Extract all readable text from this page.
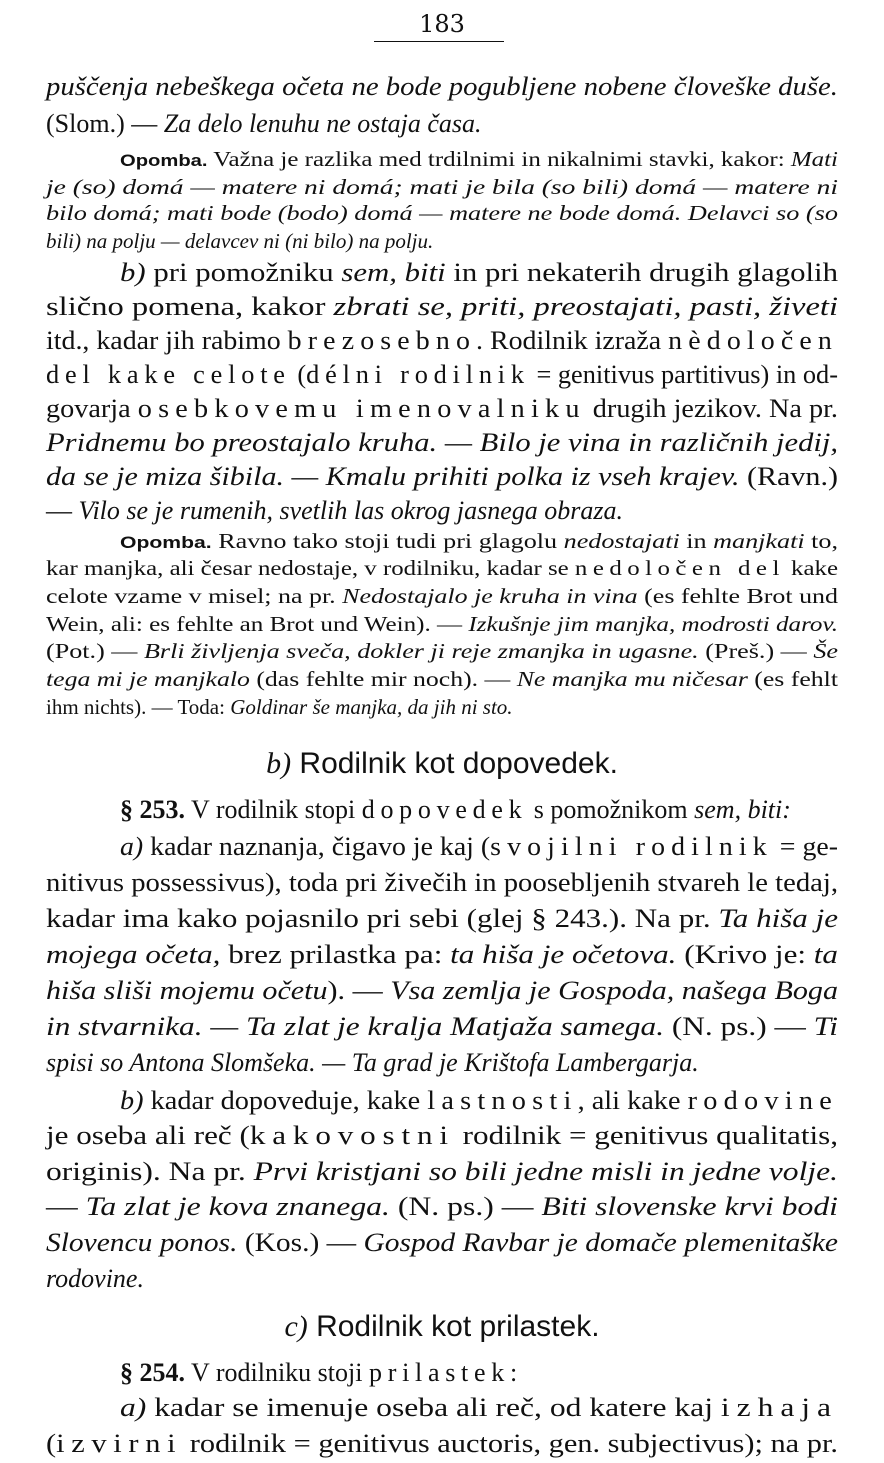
183
puščenja nebeškega očeta ne bode pogubljene nobene človeške duše.
(Slom.) — Za delo lenuhu ne ostaja časa.
Opomba. Važna je razlika med trdilnimi in nikalnimi stavki, kakor: Mati
je (so) domá — matere ni domá; mati je bila (so bili) domá — matere ni
bilo domá; mati bode (bodo) domá — matere ne bode domá. Delavci so (so
bili) na polju — delavcev ni (ni bilo) na polju.
b) pri pomožniku sem, biti in pri nekaterih drugih glagolih
slično pomena, kakor zbrati se, priti, preostajati, pasti, živeti
itd., kadar jih rabimo brezosebno. Rodilnik izraža nèdoločen
del kake celote (délni rodilnik = genitivus partitivus) in od-
govarja osebkovemu imenovalniku drugih jezikov. Na pr.
Pridnemu bo preostajalo kruha. — Bilo je vina in različnih jedij,
da se je miza šibila. — Kmalu prihiti polka iz vseh krajev. (Ravn.)
— Vilo se je rumenih, svetlih las okrog jasnega obraza.
Opomba. Ravno tako stoji tudi pri glagolu nedostajati in manjkati to,
kar manjka, ali česar nedostaje, v rodilniku, kadar se nedoločen del kake
celote vzame v misel; na pr. Nedostajalo je kruha in vina (es fehlte Brot und
Wein, ali: es fehlte an Brot und Wein). — Izkušnje jim manjka, modrosti darov.
(Pot.) — Brli življenja sveča, dokler ji reje zmanjka in ugasne. (Preš.) — Še
tega mi je manjkalo (das fehlte mir noch). — Ne manjka mu ničesar (es fehlt
ihm nichts). — Toda: Goldinar še manjka, da jih ni sto.
b) Rodilnik kot dopovedek.
§ 253. V rodilnik stopi dopovedek s pomožnikom sem, biti:
a) kadar naznanja, čigavo je kaj (svojilni rodilnik = ge-
nitivus possessivus), toda pri živečih in poosebljenih stvareh le tedaj,
kadar ima kako pojasnilo pri sebi (glej § 243.). Na pr. Ta hiša je
mojega očeta, brez prilastka pa: ta hiša je očetova. (Krivo je: ta
hiša sliši mojemu očetu). — Vsa zemlja je Gospoda, našega Boga
in stvarnika. — Ta zlat je kralja Matjaža samega. (N. ps.) — Ti
spisi so Antona Slomšeka. — Ta grad je Krištofa Lambergarja.
b) kadar dopoveduje, kake lastnosti, ali kake rodovine
je oseba ali reč (kakovostni rodilnik = genitivus qualitatis,
originis). Na pr. Prvi kristjani so bili jedne misli in jedne volje.
— Ta zlat je kova znanega. (N. ps.) — Biti slovenske krvi bodi
Slovencu ponos. (Kos.) — Gospod Ravbar je domače plemenitaške
rodovine.
c) Rodilnik kot prilastek.
§ 254. V rodilniku stoji prilastek:
a) kadar se imenuje oseba ali reč, od katere kaj izhaja
(izvirni rodilnik = genitivus auctoris, gen. subjectivus); na pr.
